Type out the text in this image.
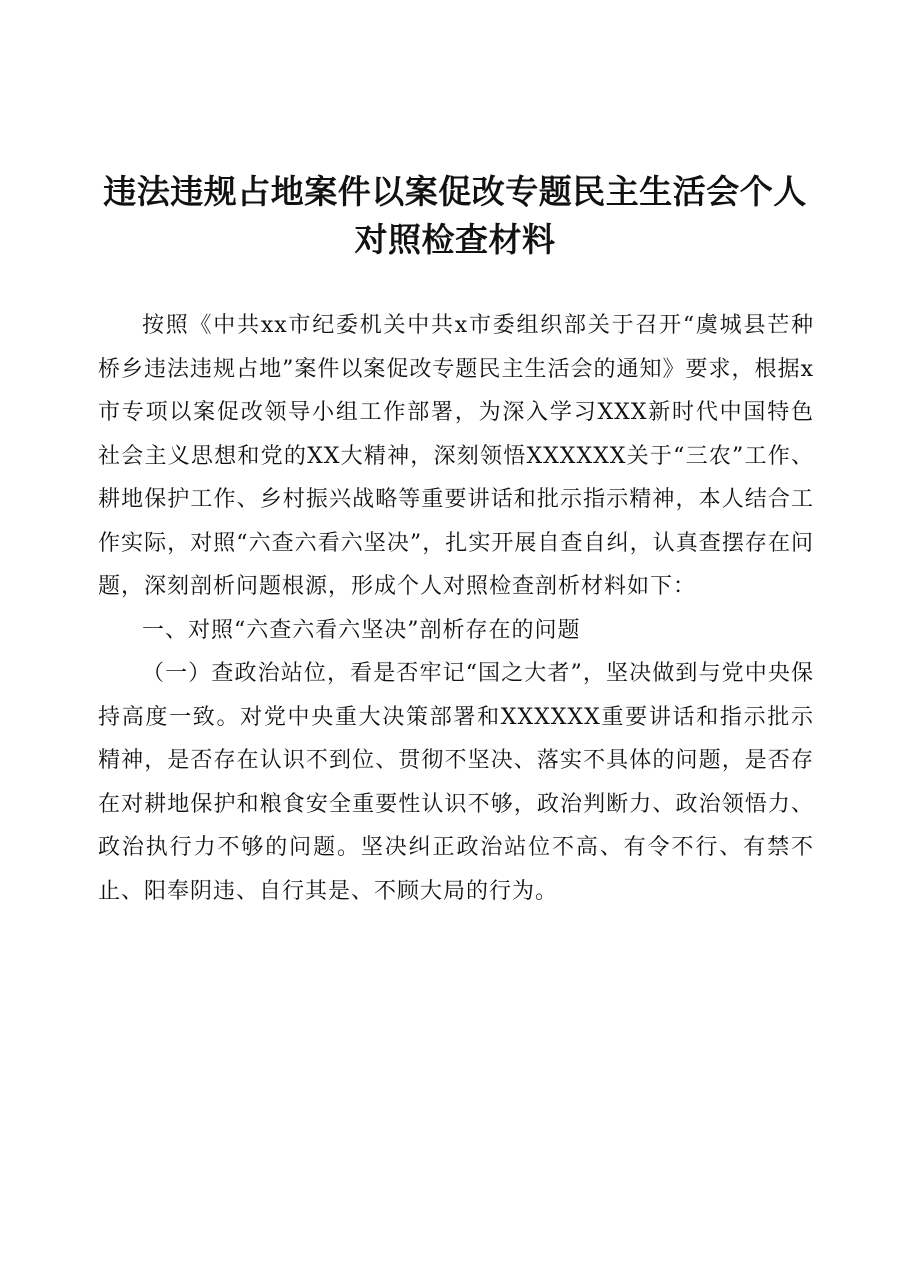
违法违规占地案件以案促改专题民主生活会个人对照检查材料

按照《中共xx市纪委机关中共x市委组织部关于召开“虞城县芒种桥乡违法违规占地”案件以案促改专题民主生活会的通知》要求，根据x市专项以案促改领导小组工作部署，为深入学习XXX新时代中国特色社会主义思想和党的XX大精神，深刻领悟XXXXXX关于“三农”工作、耕地保护工作、乡村振兴战略等重要讲话和批示指示精神，本人结合工作实际，对照“六查六看六坚决”，扎实开展自查自纠，认真查摆存在问题，深刻剖析问题根源，形成个人对照检查剖析材料如下：

一、对照“六查六看六坚决”剖析存在的问题

（一）查政治站位，看是否牢记“国之大者”，坚决做到与党中央保持高度一致。对党中央重大决策部署和XXXXXX重要讲话和指示批示精神，是否存在认识不到位、贯彻不坚决、落实不具体的问题，是否存在对耕地保护和粮食安全重要性认识不够，政治判断力、政治领悟力、政治执行力不够的问题。坚决纠正政治站位不高、有令不行、有禁不止、阳奉阴违、自行其是、不顾大局的行为。
